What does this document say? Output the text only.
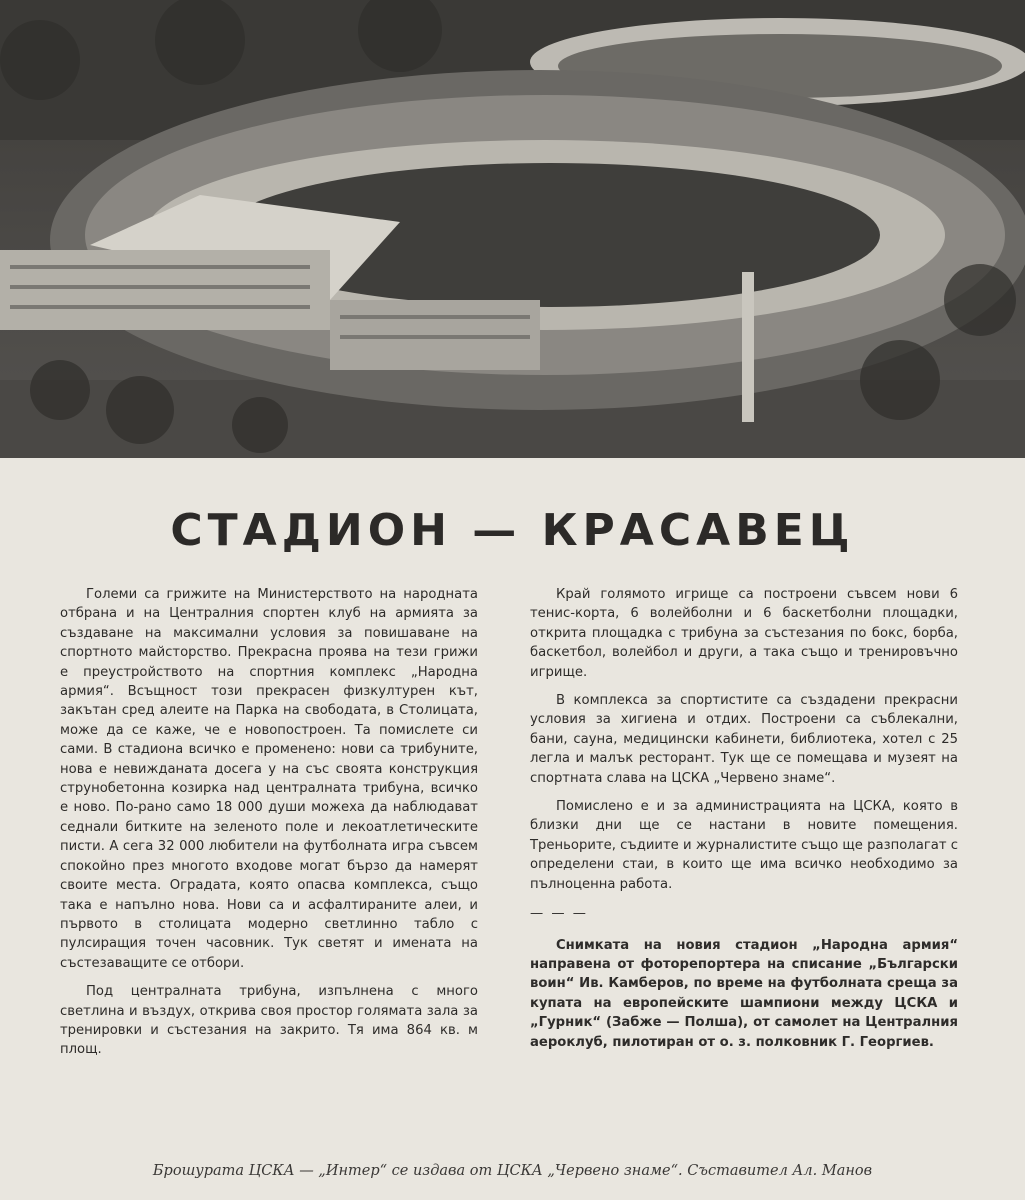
СТАДИОН — КРАСАВЕЦ

Големи са грижите на Министерството на народната отбрана и на Централния спортен клуб на армията за създаване на максимални условия за повишаване на спортното майсторство. Прекрасна проява на тези грижи е преустройството на спортния комплекс „Народна армия“. Всъщност този прекрасен физкултурен кът, закътан сред алеите на Парка на свободата, в Столицата, може да се каже, че е новопостроен. Та помислете си сами. В стадиона всичко е променено: нови са трибуните, нова е невижданата досега у на със своята конструкция струнобетонна козирка над централната трибуна, всичко е ново. По-рано само 18 000 души можеха да наблюдават седнали битките на зеленото поле и лекоатлетическите писти. А сега 32 000 любители на футболната игра съвсем спокойно през многото входове могат бързо да намерят своите места. Оградата, която опасва комплекса, също така е напълно нова. Нови са и асфалтираните алеи, и първото в столицата модерно светлинно табло с пулсиращия точен часовник. Тук светят и имената на състезаващите се отбори.

Под централната трибуна, изпълнена с много светлина и въздух, открива своя простор голямата зала за тренировки и състезания на закрито. Тя има 864 кв. м площ.

Край голямото игрище са построени съвсем нови 6 тенис-корта, 6 волейболни и 6 баскетболни площадки, открита площадка с трибуна за състезания по бокс, борба, баскетбол, волейбол и други, а така също и тренировъчно игрище.

В комплекса за спортистите са създадени прекрасни условия за хигиена и отдих. Построени са съблекални, бани, сауна, медицински кабинети, библиотека, хотел с 25 легла и малък ресторант. Тук ще се помещава и музеят на спортната слава на ЦСКА „Червено знаме“.

Помислено е и за администрацията на ЦСКА, която в близки дни ще се настани в новите помещения. Треньорите, съдиите и журналистите също ще разполагат с определени стаи, в които ще има всичко необходимо за пълноценна работа.

— — —

Снимката на новия стадион „Народна армия“ направена от фоторепортера на списание „Български воин“ Ив. Камберов, по време на футболната среща за купата на европейските шампиони между ЦСКА и „Гурник“ (Забже — Полша), от самолет на Централния аероклуб, пилотиран от о. з. полковник Г. Георгиев.

Брошурата ЦСКА — „Интер“ се издава от ЦСКА „Червено знаме“. Съставител Ал. Манов
